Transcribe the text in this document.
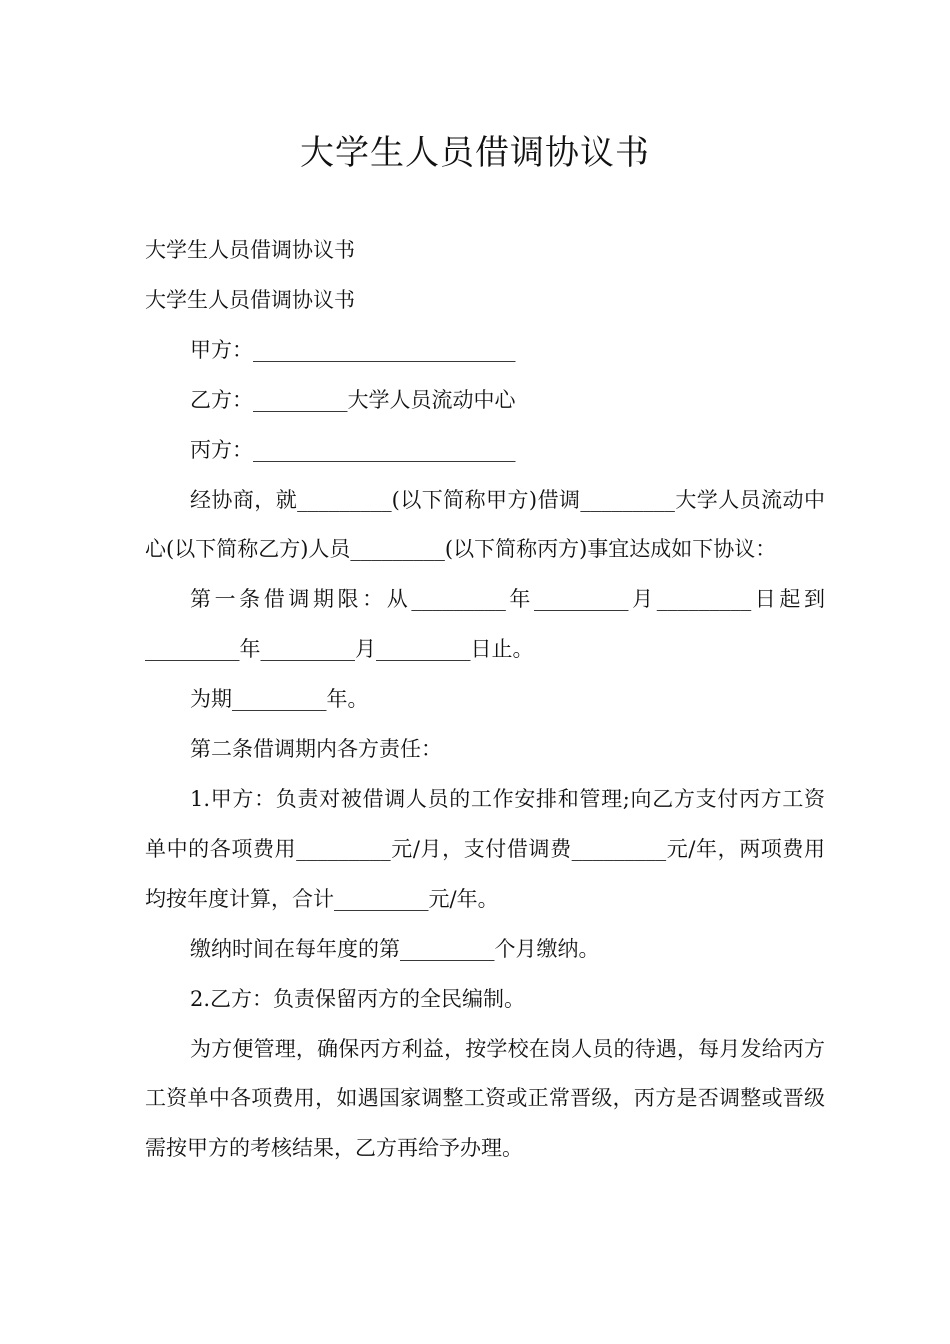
大学生人员借调协议书

大学生人员借调协议书

大学生人员借调协议书

甲方：_________________________

乙方：_________大学人员流动中心

丙方：_________________________

经协商，就_________(以下简称甲方)借调_________大学人员流动中心(以下简称乙方)人员_________(以下简称丙方)事宜达成如下协议：

第一条借调期限：从_________年_________月_________日起到_________年_________月_________日止。

为期_________年。

第二条借调期内各方责任：

1.甲方：负责对被借调人员的工作安排和管理;向乙方支付丙方工资单中的各项费用_________元/月，支付借调费_________元/年，两项费用均按年度计算，合计_________元/年。

缴纳时间在每年度的第_________个月缴纳。

2.乙方：负责保留丙方的全民编制。

为方便管理，确保丙方利益，按学校在岗人员的待遇，每月发给丙方工资单中各项费用，如遇国家调整工资或正常晋级，丙方是否调整或晋级需按甲方的考核结果，乙方再给予办理。
